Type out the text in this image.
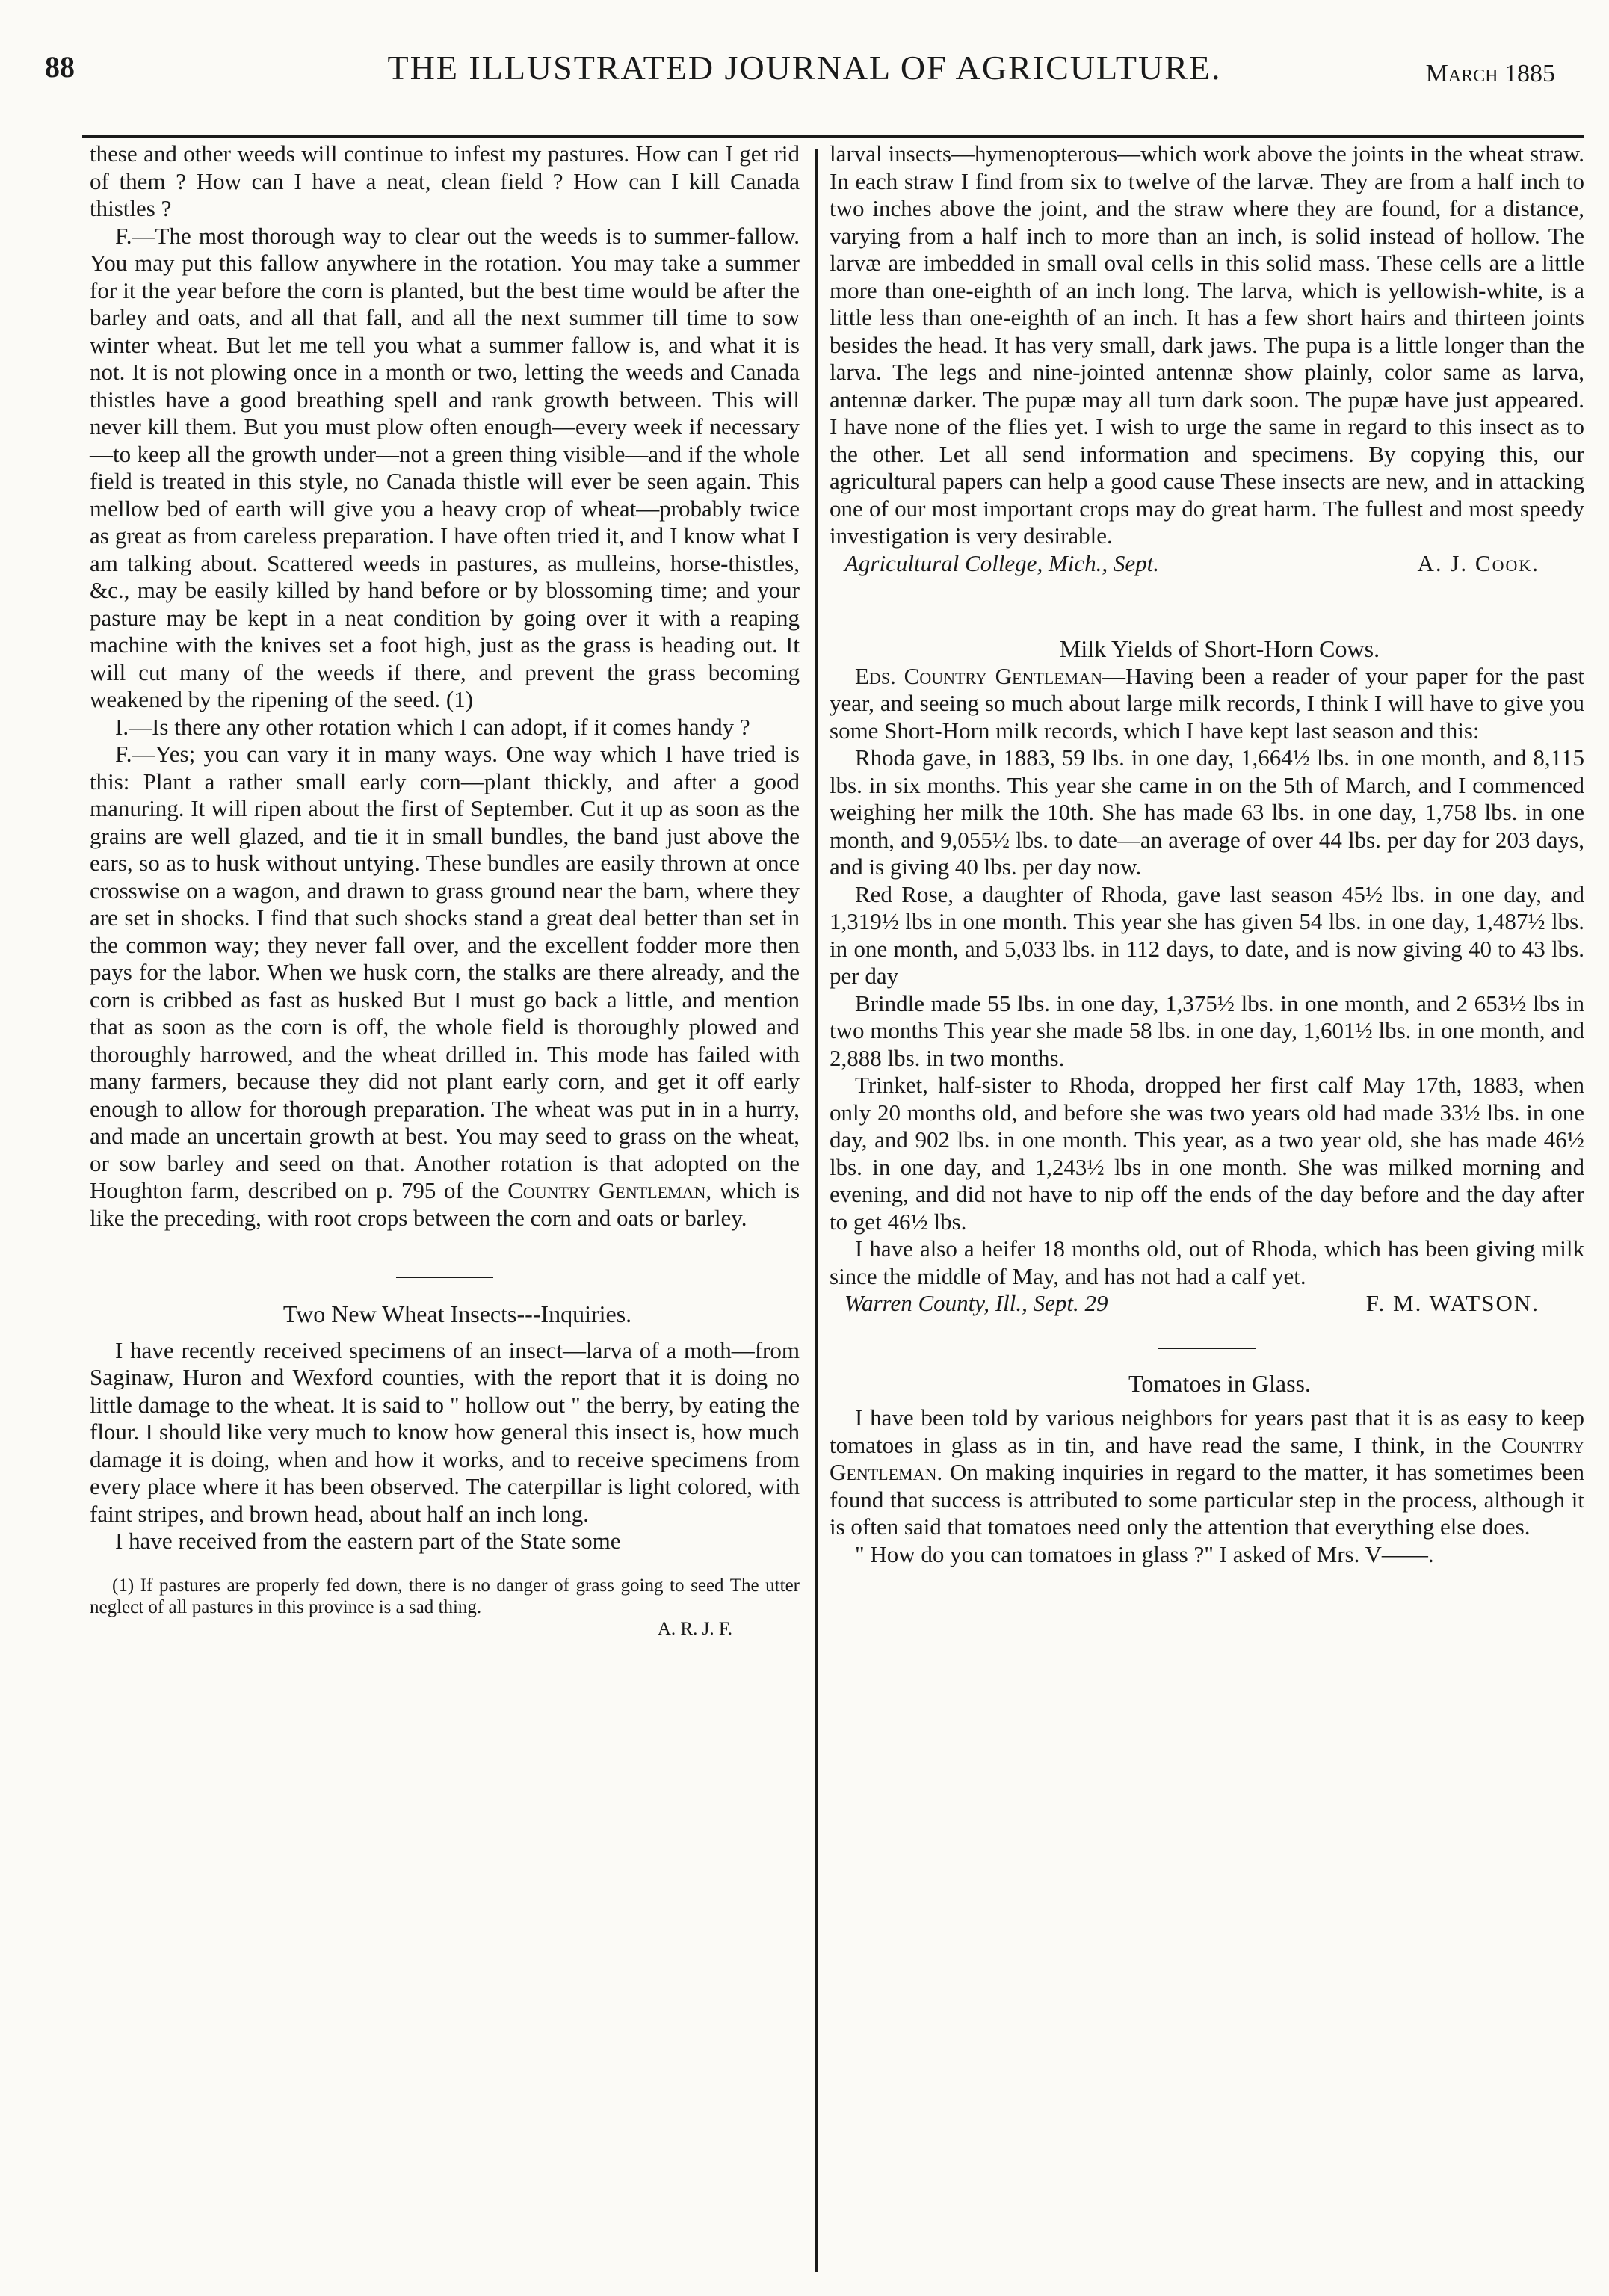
88	THE ILLUSTRATED JOURNAL OF AGRICULTURE.	March 1885

these and other weeds will continue to infest my pastures. How can I get rid of them ? How can I have a neat, clean field ? How can I kill Canada thistles ?

F.—The most thorough way to clear out the weeds is to summer-fallow. You may put this fallow anywhere in the rotation. You may take a summer for it the year before the corn is planted, but the best time would be after the barley and oats, and all that fall, and all the next summer till time to sow winter wheat. But let me tell you what a summer fallow is, and what it is not. It is not plowing once in a month or two, letting the weeds and Canada thistles have a good breathing spell and rank growth between. This will never kill them. But you must plow often enough—every week if necessary—to keep all the growth under—not a green thing visible—and if the whole field is treated in this style, no Canada thistle will ever be seen again. This mellow bed of earth will give you a heavy crop of wheat—probably twice as great as from careless preparation. I have often tried it, and I know what I am talking about. Scattered weeds in pastures, as mulleins, horse-thistles, &c., may be easily killed by hand before or by blossoming time; and your pasture may be kept in a neat condition by going over it with a reaping machine with the knives set a foot high, just as the grass is heading out. It will cut many of the weeds if there, and prevent the grass becoming weakened by the ripening of the seed. (1)

I.—Is there any other rotation which I can adopt, if it comes handy ?

F.—Yes; you can vary it in many ways. One way which I have tried is this: Plant a rather small early corn—plant thickly, and after a good manuring. It will ripen about the first of September. Cut it up as soon as the grains are well glazed, and tie it in small bundles, the band just above the ears, so as to husk without untying. These bundles are easily thrown at once crosswise on a wagon, and drawn to grass ground near the barn, where they are set in shocks. I find that such shocks stand a great deal better than set in the common way; they never fall over, and the excellent fodder more then pays for the labor. When we husk corn, the stalks are there already, and the corn is cribbed as fast as husked But I must go back a little, and mention that as soon as the corn is off, the whole field is thoroughly plowed and thoroughly harrowed, and the wheat drilled in. This mode has failed with many farmers, because they did not plant early corn, and get it off early enough to allow for thorough preparation. The wheat was put in in a hurry, and made an uncertain growth at best. You may seed to grass on the wheat, or sow barley and seed on that. Another rotation is that adopted on the Houghton farm, described on p. 795 of the Country Gentleman, which is like the preceding, with root crops between the corn and oats or barley.

Two New Wheat Insects---Inquiries.

I have recently received specimens of an insect—larva of a moth—from Saginaw, Huron and Wexford counties, with the report that it is doing no little damage to the wheat. It is said to " hollow out " the berry, by eating the flour. I should like very much to know how general this insect is, how much damage it is doing, when and how it works, and to receive specimens from every place where it has been observed. The caterpillar is light colored, with faint stripes, and brown head, about half an inch long.

I have received from the eastern part of the State some

(1) If pastures are properly fed down, there is no danger of grass going to seed The utter neglect of all pastures in this province is a sad thing.

A. R. J. F.

larval insects—hymenopterous—which work above the joints in the wheat straw. In each straw I find from six to twelve of the larvæ. They are from a half inch to two inches above the joint, and the straw where they are found, for a distance, varying from a half inch to more than an inch, is solid instead of hollow. The larvæ are imbedded in small oval cells in this solid mass. These cells are a little more than one-eighth of an inch long. The larva, which is yellowish-white, is a little less than one-eighth of an inch. It has a few short hairs and thirteen joints besides the head. It has very small, dark jaws. The pupa is a little longer than the larva. The legs and nine-jointed antennæ show plainly, color same as larva, antennæ darker. The pupæ may all turn dark soon. The pupæ have just appeared. I have none of the flies yet. I wish to urge the same in regard to this insect as to the other. Let all send information and specimens. By copying this, our agricultural papers can help a good cause These insects are new, and in attacking one of our most important crops may do great harm. The fullest and most speedy investigation is very desirable.

Agricultural College, Mich., Sept.	A. J. Cook.

Milk Yields of Short-Horn Cows.

Eds. Country Gentleman—Having been a reader of your paper for the past year, and seeing so much about large milk records, I think I will have to give you some Short-Horn milk records, which I have kept last season and this:

Rhoda gave, in 1883, 59 lbs. in one day, 1,664½ lbs. in one month, and 8,115 lbs. in six months. This year she came in on the 5th of March, and I commenced weighing her milk the 10th. She has made 63 lbs. in one day, 1,758 lbs. in one month, and 9,055½ lbs. to date—an average of over 44 lbs. per day for 203 days, and is giving 40 lbs. per day now.

Red Rose, a daughter of Rhoda, gave last season 45½ lbs. in one day, and 1,319½ lbs in one month. This year she has given 54 lbs. in one day, 1,487½ lbs. in one month, and 5,033 lbs. in 112 days, to date, and is now giving 40 to 43 lbs. per day

Brindle made 55 lbs. in one day, 1,375½ lbs. in one month, and 2 653½ lbs in two months This year she made 58 lbs. in one day, 1,601½ lbs. in one month, and 2,888 lbs. in two months.

Trinket, half-sister to Rhoda, dropped her first calf May 17th, 1883, when only 20 months old, and before she was two years old had made 33½ lbs. in one day, and 902 lbs. in one month. This year, as a two year old, she has made 46½ lbs. in one day, and 1,243½ lbs in one month. She was milked morning and evening, and did not have to nip off the ends of the day before and the day after to get 46½ lbs.

I have also a heifer 18 months old, out of Rhoda, which has been giving milk since the middle of May, and has not had a calf yet.

Warren County, Ill., Sept. 29	F. M. WATSON.

Tomatoes in Glass.

I have been told by various neighbors for years past that it is as easy to keep tomatoes in glass as in tin, and have read the same, I think, in the Country Gentleman. On making inquiries in regard to the matter, it has sometimes been found that success is attributed to some particular step in the process, although it is often said that tomatoes need only the attention that everything else does.

" How do you can tomatoes in glass ?" I asked of Mrs. V——.
